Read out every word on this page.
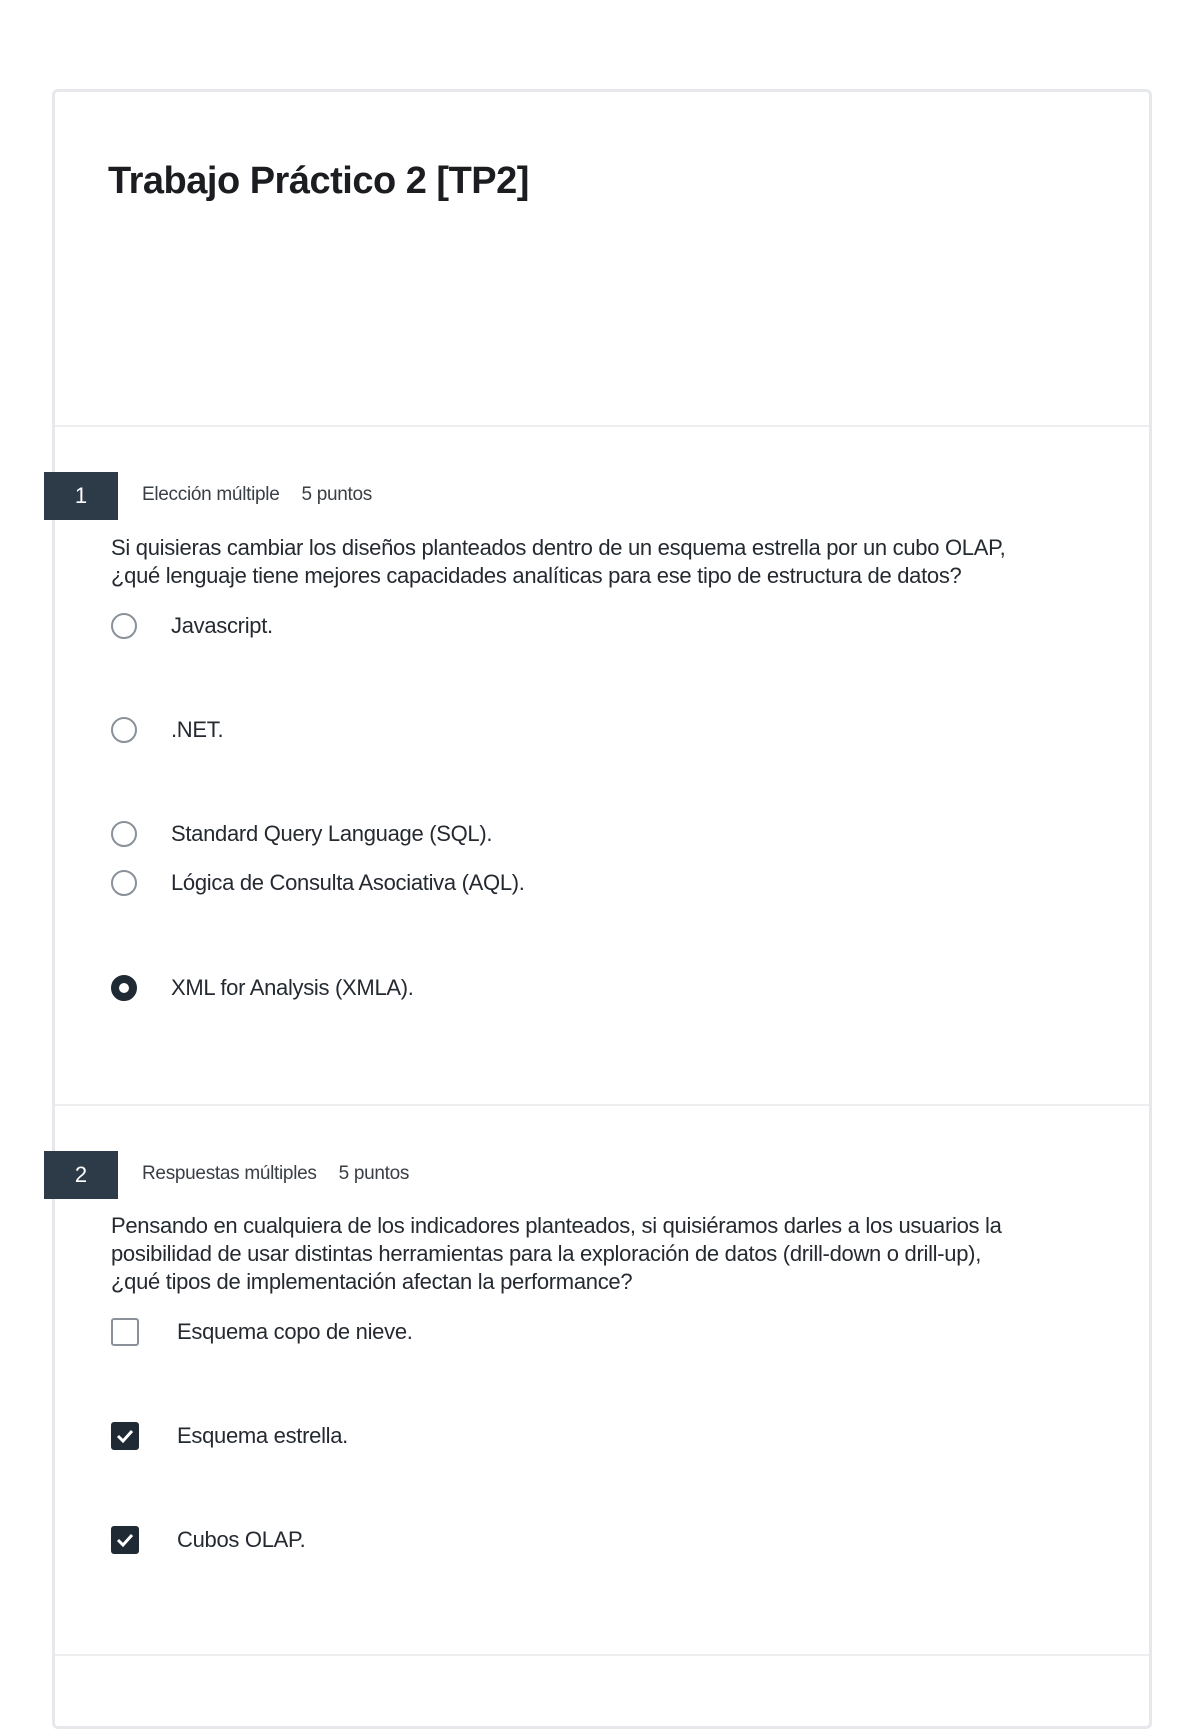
Trabajo Práctico 2 [TP2]
1	Elección múltiple 5 puntos
Si quisieras cambiar los diseños planteados dentro de un esquema estrella por un cubo OLAP,
¿qué lenguaje tiene mejores capacidades analíticas para ese tipo de estructura de datos?
Javascript.
.NET.
Standard Query Language (SQL).
Lógica de Consulta Asociativa (AQL).
XML for Analysis (XMLA).
2	Respuestas múltiples 5 puntos
Pensando en cualquiera de los indicadores planteados, si quisiéramos darles a los usuarios la
posibilidad de usar distintas herramientas para la exploración de datos (drill-down o drill-up),
¿qué tipos de implementación afectan la performance?
Esquema copo de nieve.
Esquema estrella.
Cubos OLAP.
